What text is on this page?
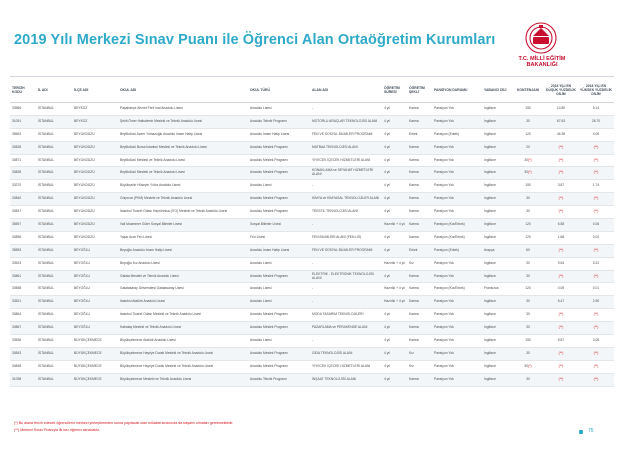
2019 Yılı Merkezi Sınav Puanı ile Öğrenci Alan Ortaöğretim Kurumları
T.C. MİLLİ EĞİTİM
BAKANLIĞI
TERCİH KODU	İL ADI	İLÇE ADI	OKUL ADI	OKUL TÜRÜ	ALAN ADI	ÖĞRETİM SÜRESİ	ÖĞRETİM ŞEKLİ	PANSİYON DURUMU	YABANCI DİLİ	KONTENJANI	2018 YILI EN DÜŞÜK YÜZDELİK DİLİM	2018 YILI EN YÜKSEK YÜZDELİK DİLİM
33566	İSTANBUL	BEYKOZ	Paşabahçe Ahmet Ferit İnal Anadolu Lisesi	Anadolu Lisesi	-	4 yıl	Karma	Pansiyon Yok	İngilizce	150	14.80	5.14
31091	İSTANBUL	BEYKOZ	Şehit Ömer Halisdemir Mesleki ve Teknik Anadolu Lisesi	Anadolu Teknik Programı	MOTORLU ARAÇLAR TEKNOLOJİSİ ALANI	4 yıl	Karma	Pansiyon Yok	İngilizce	30	67.63	26.70
35663	İSTANBUL	BEYLİKDÜZÜ	Beylikdüzü Azem Yılmazoğlu Anadolu İmam Hatip Lisesi	Anadolu İmam Hatip Lisesi	FEN VE SOSYAL BİLİMLER PROGRAMI	4 yıl	Erkek	Pansiyon (Erkek)	İngilizce	120	46.38	4.06
30828	İSTANBUL	BEYLİKDÜZÜ	Beylikdüzü Borsa İstanbul Mesleki ve Teknik Anadolu Lisesi	Anadolu Meslek Programı	MATBAA TEKNOLOJİSİ ALANI	4 yıl	Karma	Pansiyon Yok	İngilizce	20	(**)	(**)
30871	İSTANBUL	BEYLİKDÜZÜ	Beylikdüzü Mesleki ve Teknik Anadolu Lisesi	Anadolu Meslek Programı	YİYECEK İÇECEK HİZMETLERİ ALANI	4 yıl	Karma	Pansiyon Yok	İngilizce	30(*)	(**)	(**)
30835	İSTANBUL	BEYLİKDÜZÜ	Beylikdüzü Mesleki ve Teknik Anadolu Lisesi	Anadolu Meslek Programı	KONAKLAMA ve SEYAHAT HİZMETLERİ ALANI	4 yıl	Karma	Pansiyon Yok	İngilizce	30(*)	(**)	(**)
33270	İSTANBUL	BEYLİKDÜZÜ	Büyükşehir Hüseyin Yıldız Anadolu Lisesi	Anadolu Lisesi	-	4 yıl	Karma	Pansiyon Yok	İngilizce	150	3.87	1.74
30840	İSTANBUL	BEYLİKDÜZÜ	Gürpınar (PKM) Mesleki ve Teknik Anadolu Lisesi	Anadolu Meslek Programı	KİMYA ve KİMYASAL TEKNOLOJİLER ALANI	4 yıl	Karma	Pansiyon Yok	İngilizce	30	(**)	(**)
30847	İSTANBUL	BEYLİKDÜZÜ	İstanbul Ticaret Odası Hayrünnisa (İTO) Mesleki ve Teknik Anadolu Lisesi	Anadolu Meslek Programı	TEKSTİL TEKNOLOJİSİ ALANI	4 yıl	Karma	Pansiyon Yok	İngilizce	30	(**)	(**)
35557	İSTANBUL	BEYLİKDÜZÜ	Vali Muammer Güler Sosyal Bilimler Lisesi	Sosyal Bilimler Lisesi	-	Hazırlık + 4 yıl	Karma	Pansiyon (Kız/Erkek)	İngilizce	120	6.58	0.06
30856	İSTANBUL	BEYLİKDÜZÜ	Yaşar Acar Fen Lisesi	Fen Lisesi	FEN BİLİMLERİ ALANI (FEN LİS)	4 yıl	Karma	Pansiyon (Kız/Erkek)	İngilizce	120	1.68	0.02
35553	İSTANBUL	BEYOĞLU	Beyoğlu Anadolu İmam Hatip Lisesi	Anadolu İmam Hatip Lisesi	FEN VE SOSYAL BİLİMLER PROGRAMI	4 yıl	Erkek	Pansiyon (Erkek)	Arapça	60	(**)	(**)
33523	İSTANBUL	BEYOĞLU	Beyoğlu Kız Anadolu Lisesi	Anadolu Lisesi	-	Hazırlık + 4 yıl	Kız	Pansiyon Yok	İngilizce	30	9.64	5.22
30861	İSTANBUL	BEYOĞLU	Galata Mesleki ve Teknik Anadolu Lisesi	Anadolu Meslek Programı	ELEKTRİK - ELEKTRONİK TEKNOLOJİSİ ALANI	4 yıl	Karma	Pansiyon Yok	İngilizce	30	(**)	(**)
33558	İSTANBUL	BEYOĞLU	Galatasaray Üniversitesi Galatasaray Lisesi	Anadolu Lisesi	-	Hazırlık + 4 yıl	Karma	Pansiyon (Kız/Erkek)	Fransızca	120	0.05	0.01
33521	İSTANBUL	BEYOĞLU	İstanbul Atatürk Anadolu Lisesi	Anadolu Lisesi	-	Hazırlık + 4 yıl	Karma	Pansiyon Yok	İngilizce	30	6.47	2.90
30864	İSTANBUL	BEYOĞLU	İstanbul Ticaret Odası Mesleki ve Teknik Anadolu Lisesi	Anadolu Meslek Programı	MODA TASARIM TEKNOLOJİLERİ	4 yıl	Karma	Pansiyon Yok	İngilizce	30	(**)	(**)
30867	İSTANBUL	BEYOĞLU	Kabataş Mesleki ve Teknik Anadolu Lisesi	Anadolu Meslek Programı	PAZARLAMA ve PERAKENDE ALANI	4 yıl	Karma	Pansiyon Yok	İngilizce	30	(**)	(**)
33536	İSTANBUL	BÜYÜKÇEKMECE	Büyükçekmece Atatürk Anadolu Lisesi	Anadolu Lisesi	-	4 yıl	Karma	Pansiyon Yok	İngilizce	150	5.87	3.08
30843	İSTANBUL	BÜYÜKÇEKMECE	Büyükçekmece Hayriye Durak Mesleki ve Teknik Anadolu Lisesi	Anadolu Meslek Programı	GIDA TEKNOLOJİSİ ALANI	4 yıl	Kız	Pansiyon Yok	İngilizce	30	(**)	(**)
30848	İSTANBUL	BÜYÜKÇEKMECE	Büyükçekmece Hayriye Durak Mesleki ve Teknik Anadolu Lisesi	Anadolu Meslek Programı	YİYECEK İÇECEK HİZMETLERİ ALANI	4 yıl	Kız	Pansiyon Yok	İngilizce	30(*)	(**)	(**)
31098	İSTANBUL	BÜYÜKÇEKMECE	Büyükçekmece Mesleki ve Teknik Anadolu Lisesi	Anadolu Teknik Programı	İNŞAAT TEKNOLOJİSİ ALANI	4 yıl	Karma	Pansiyon Yok	İngilizce	30	(**)	(**)
(*) Bu alana tercih edecek öğrencilerin merkezi yerleştirmeden sonra yapılacak olan mülakat sınavında da başarılı olmaları gerekmektedir.
(**) Merkezi Sınav Puanıyla ilk kez öğrenci alınacaktır.	75
